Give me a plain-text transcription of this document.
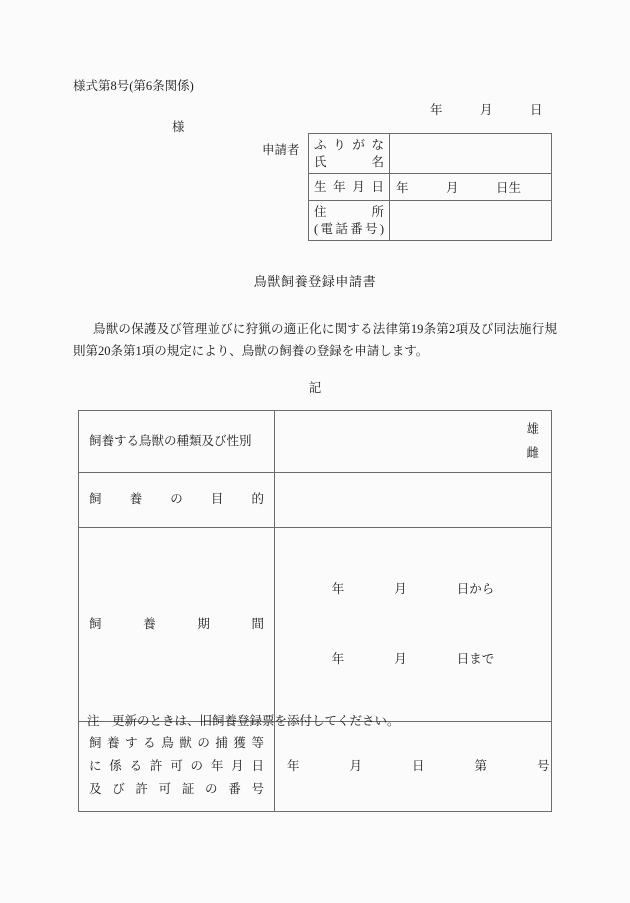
様式第8号(第6条関係)
年　　　月　　　日
様
申請者 ふりがな
氏名	

生年月日	年　　　月　　　日生

住所
(電話番号)	

鳥獣飼養登録申請書
鳥獣の保護及び管理並びに狩猟の適正化に関する法律第19条第2項及び同法施行規則第20条第1項の規定により、鳥獣の飼養の登録を申請します。
記
飼養する鳥獣の種類及び性別	雄
雌

飼養の目的	

飼養期間	年　　　　月　　　　日から

年　　　　月　　　　日まで

飼養する鳥獣の捕獲等
に係る許可の年月日
及び許可証の番号	年　　　　月　　　　日　　　　第　　　　号
注　更新のときは、旧飼養登録票を添付してください。
